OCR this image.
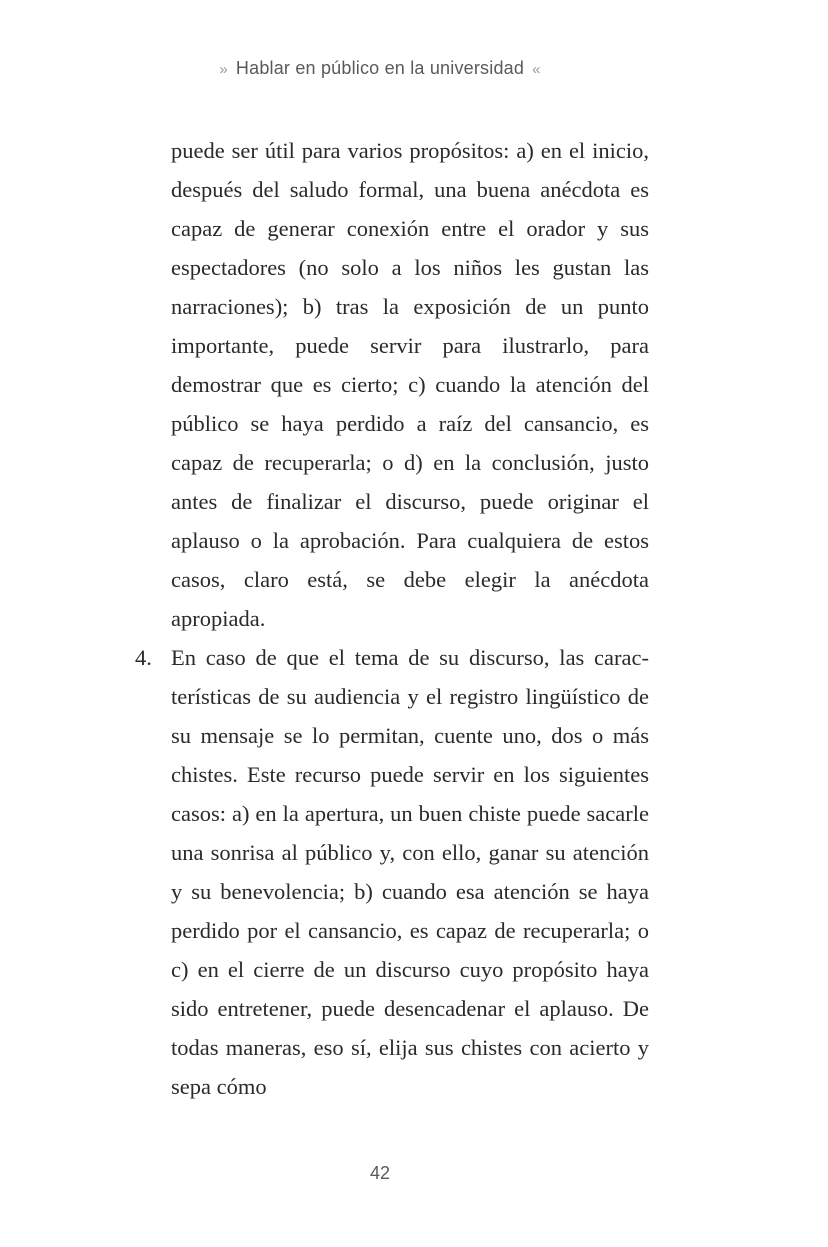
» Hablar en público en la universidad «

puede ser útil para varios propósitos: a) en el inicio, después del saludo formal, una buena anécdota es capaz de generar conexión entre el orador y sus espectadores (no solo a los niños les gustan las narraciones); b) tras la exposición de un punto importante, puede servir para ilustrarlo, para demostrar que es cierto; c) cuando la atención del público se haya perdido a raíz del cansancio, es capaz de recuperarla; o d) en la conclusión, justo antes de finalizar el discurso, puede originar el aplauso o la aprobación. Para cualquiera de estos casos, claro está, se debe elegir la anécdota apropiada.

4. En caso de que el tema de su discurso, las características de su audiencia y el registro lingüístico de su mensaje se lo permitan, cuente uno, dos o más chistes. Este recurso puede servir en los siguientes casos: a) en la apertura, un buen chiste puede sacarle una sonrisa al público y, con ello, ganar su atención y su benevolencia; b) cuando esa atención se haya perdido por el cansancio, es capaz de recuperarla; o c) en el cierre de un discurso cuyo propósito haya sido entretener, puede desencadenar el aplauso. De todas maneras, eso sí, elija sus chistes con acierto y sepa cómo

42
